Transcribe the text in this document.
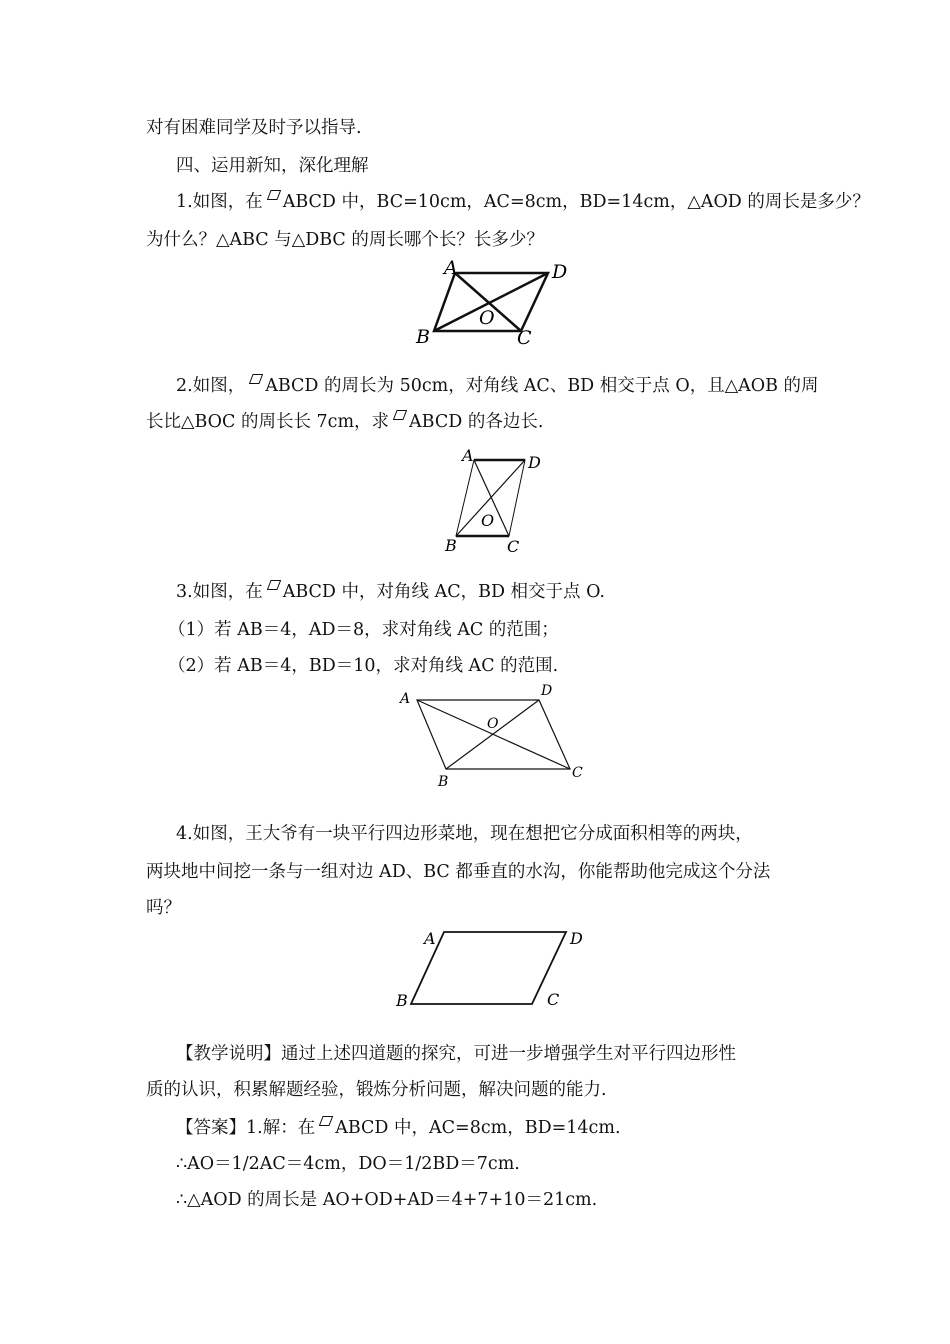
对有困难同学及时予以指导.
四、运用新知，深化理解
1.如图，在 ABCD 中，BC=10cm，AC=8cm，BD=14cm，△AOD 的周长是多少？
为什么？△ABC 与△DBC 的周长哪个长？长多少？
A	D
B	C
O
2.如图， ABCD 的周长为 50cm，对角线 AC、BD 相交于点 O，且△AOB 的周
长比△BOC 的周长长 7cm，求 ABCD 的各边长.
A	D
B	C
O
3.如图，在 ABCD 中，对角线 AC，BD 相交于点 O.
（1）若 AB＝4，AD＝8，求对角线 AC 的范围；
（2）若 AB＝4，BD＝10，求对角线 AC 的范围.
A	D
B
C
O
4.如图，王大爷有一块平行四边形菜地，现在想把它分成面积相等的两块，
两块地中间挖一条与一组对边 AD、BC 都垂直的水沟，你能帮助他完成这个分法
吗？
A	D
B	C
【教学说明】通过上述四道题的探究，可进一步增强学生对平行四边形性
质的认识，积累解题经验，锻炼分析问题，解决问题的能力.
【答案】1.解：在 ABCD 中，AC=8cm，BD=14cm.
∴AO＝1/2AC＝4cm，DO＝1/2BD＝7cm.
∴△AOD 的周长是 AO+OD+AD＝4+7+10＝21cm.
